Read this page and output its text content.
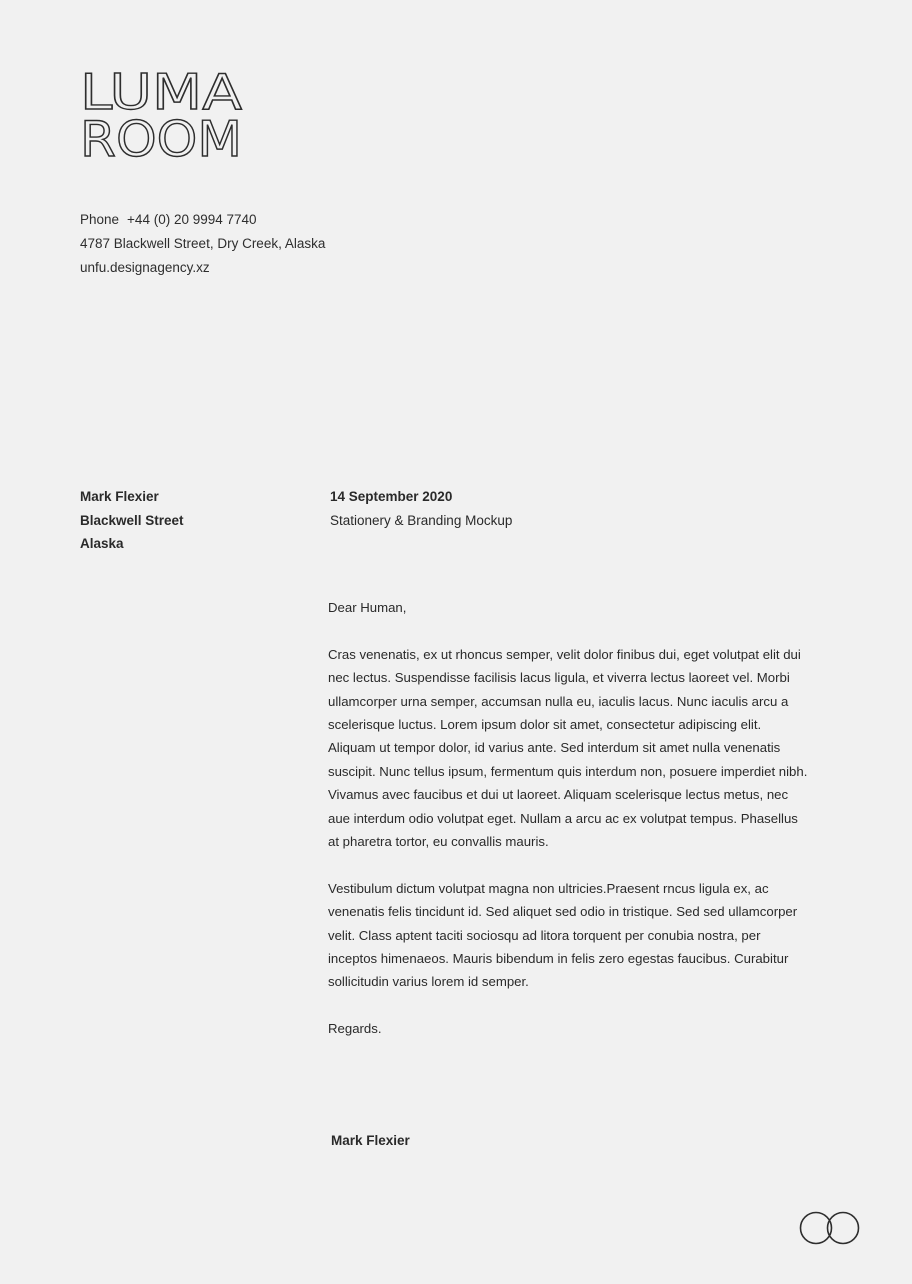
LUMA
ROOM
Phone +44 (0) 20 9994 7740
4787 Blackwell Street, Dry Creek, Alaska
unfu.designagency.xz
Mark Flexier
Blackwell Street
Alaska
14 September 2020
Stationery & Branding Mockup

Dear Human,

Cras venenatis, ex ut rhoncus semper, velit dolor finibus dui, eget volutpat elit dui nec lectus. Suspendisse facilisis lacus ligula, et viverra lectus laoreet vel. Morbi ullamcorper urna semper, accumsan nulla eu, iaculis lacus. Nunc iaculis arcu a scelerisque luctus. Lorem ipsum dolor sit amet, consectetur adipiscing elit. Aliquam ut tempor dolor, id varius ante. Sed interdum sit amet nulla venenatis suscipit. Nunc tellus ipsum, fermentum quis interdum non, posuere imperdiet nibh. Vivamus avec faucibus et dui ut laoreet. Aliquam scelerisque lectus metus, nec aue interdum odio volutpat eget. Nullam a arcu ac ex volutpat tempus. Phasellus at pharetra tortor, eu convallis mauris.

Vestibulum dictum volutpat magna non ultricies.Praesent rncus ligula ex, ac venenatis felis tincidunt id. Sed aliquet sed odio in tristique. Sed sed ullamcorper velit. Class aptent taciti sociosqu ad litora torquent per conubia nostra, per inceptos himenaeos. Mauris bibendum in felis zero egestas faucibus. Curabitur sollicitudin varius lorem id semper.

Regards.

Mark Flexier
